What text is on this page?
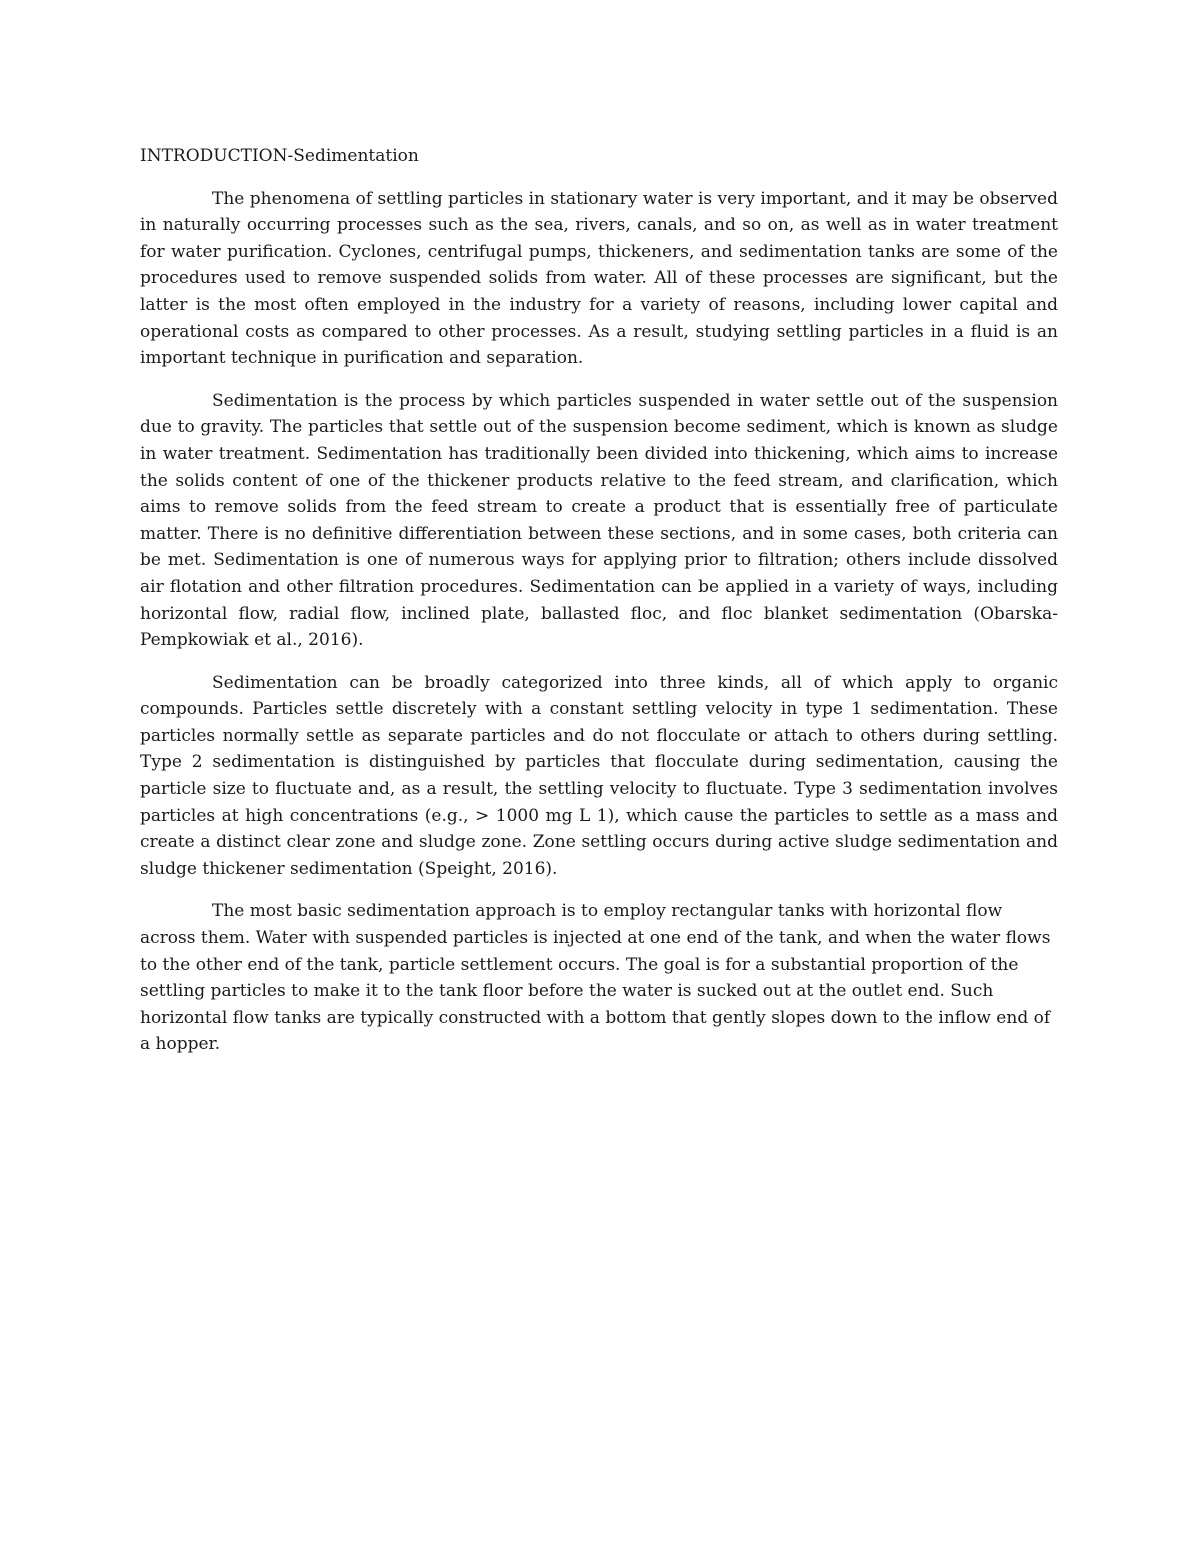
INTRODUCTION-Sedimentation

The phenomena of settling particles in stationary water is very important, and it may be observed in naturally occurring processes such as the sea, rivers, canals, and so on, as well as in water treatment for water purification. Cyclones, centrifugal pumps, thickeners, and sedimentation tanks are some of the procedures used to remove suspended solids from water. All of these processes are significant, but the latter is the most often employed in the industry for a variety of reasons, including lower capital and operational costs as compared to other processes. As a result, studying settling particles in a fluid is an important technique in purification and separation.

Sedimentation is the process by which particles suspended in water settle out of the suspension due to gravity. The particles that settle out of the suspension become sediment, which is known as sludge in water treatment. Sedimentation has traditionally been divided into thickening, which aims to increase the solids content of one of the thickener products relative to the feed stream, and clarification, which aims to remove solids from the feed stream to create a product that is essentially free of particulate matter. There is no definitive differentiation between these sections, and in some cases, both criteria can be met. Sedimentation is one of numerous ways for applying prior to filtration; others include dissolved air flotation and other filtration procedures. Sedimentation can be applied in a variety of ways, including horizontal flow, radial flow, inclined plate, ballasted floc, and floc blanket sedimentation (Obarska-Pempkowiak et al., 2016).

Sedimentation can be broadly categorized into three kinds, all of which apply to organic compounds. Particles settle discretely with a constant settling velocity in type 1 sedimentation. These particles normally settle as separate particles and do not flocculate or attach to others during settling. Type 2 sedimentation is distinguished by particles that flocculate during sedimentation, causing the particle size to fluctuate and, as a result, the settling velocity to fluctuate. Type 3 sedimentation involves particles at high concentrations (e.g., > 1000 mg L 1), which cause the particles to settle as a mass and create a distinct clear zone and sludge zone. Zone settling occurs during active sludge sedimentation and sludge thickener sedimentation (Speight, 2016).

The most basic sedimentation approach is to employ rectangular tanks with horizontal flow across them. Water with suspended particles is injected at one end of the tank, and when the water flows to the other end of the tank, particle settlement occurs. The goal is for a substantial proportion of the settling particles to make it to the tank floor before the water is sucked out at the outlet end. Such horizontal flow tanks are typically constructed with a bottom that gently slopes down to the inflow end of a hopper.
